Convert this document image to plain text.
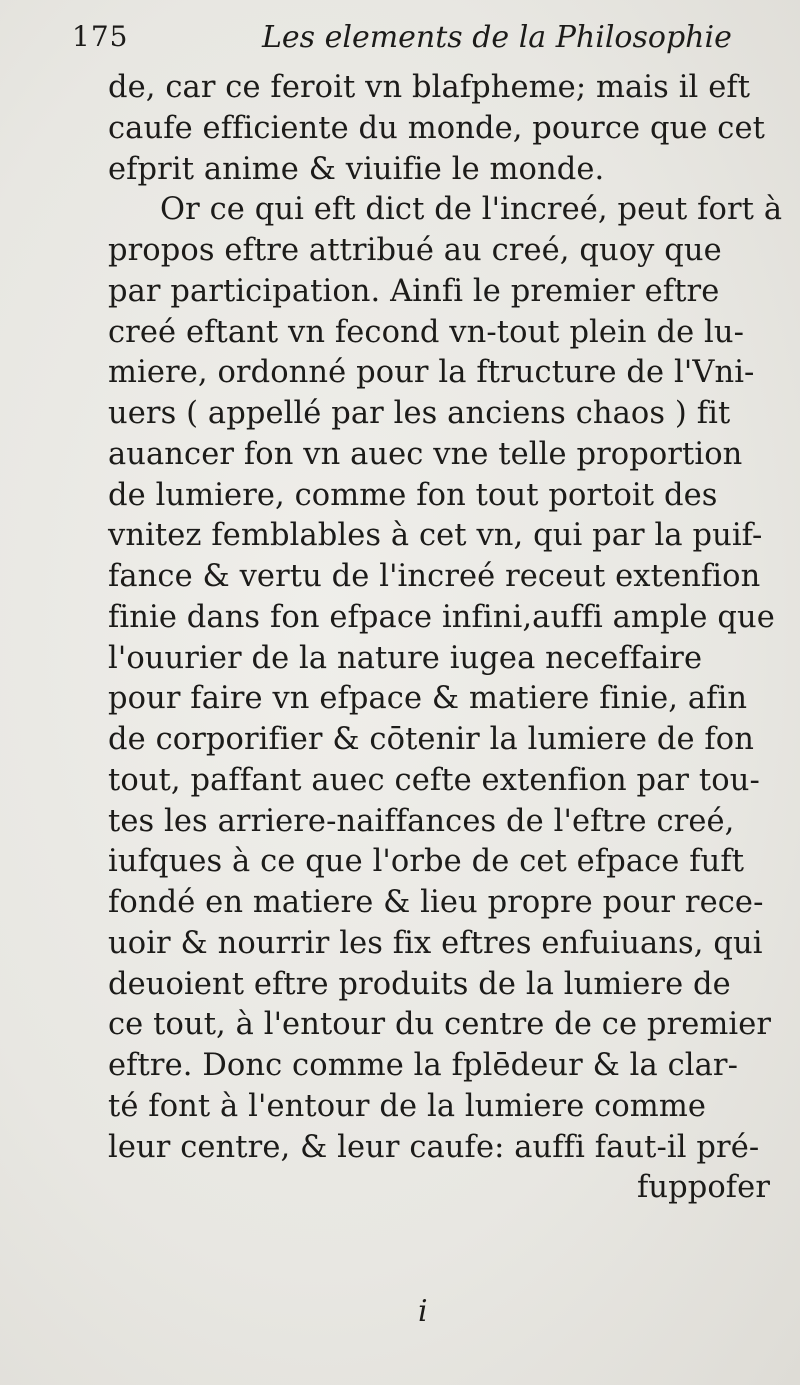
175	Les elements de la Philosophie
de, car ce feroit vn blafpheme; mais il eft
caufe efficiente du monde, pource que cet
efprit anime & viuifie le monde.
Or ce qui eft dict de l'increé, peut fort à
propos eftre attribué au creé, quoy que
par participation. Ainfi le premier eftre
creé eftant vn fecond vn-tout plein de lu-
miere, ordonné pour la ftructure de l'Vni-
uers ( appellé par les anciens chaos ) fit
auancer fon vn auec vne telle proportion
de lumiere, comme fon tout portoit des
vnitez femblables à cet vn, qui par la puif-
fance & vertu de l'increé receut extenfion
finie dans fon efpace infini,auffi ample que
l'ouurier de la nature iugea neceffaire
pour faire vn efpace & matiere finie, afin
de corporifier & cōtenir la lumiere de fon
tout, paffant auec cefte extenfion par tou-
tes les arriere-naiffances de l'eftre creé,
iufques à ce que l'orbe de cet efpace fuft
fondé en matiere & lieu propre pour rece-
uoir & nourrir les fix eftres enfuiuans, qui
deuoient eftre produits de la lumiere de
ce tout, à l'entour du centre de ce premier
eftre. Donc comme la fplēdeur & la clar-
té font à l'entour de la lumiere comme
leur centre, & leur caufe: auffi faut-il pré-
fuppofer
i
